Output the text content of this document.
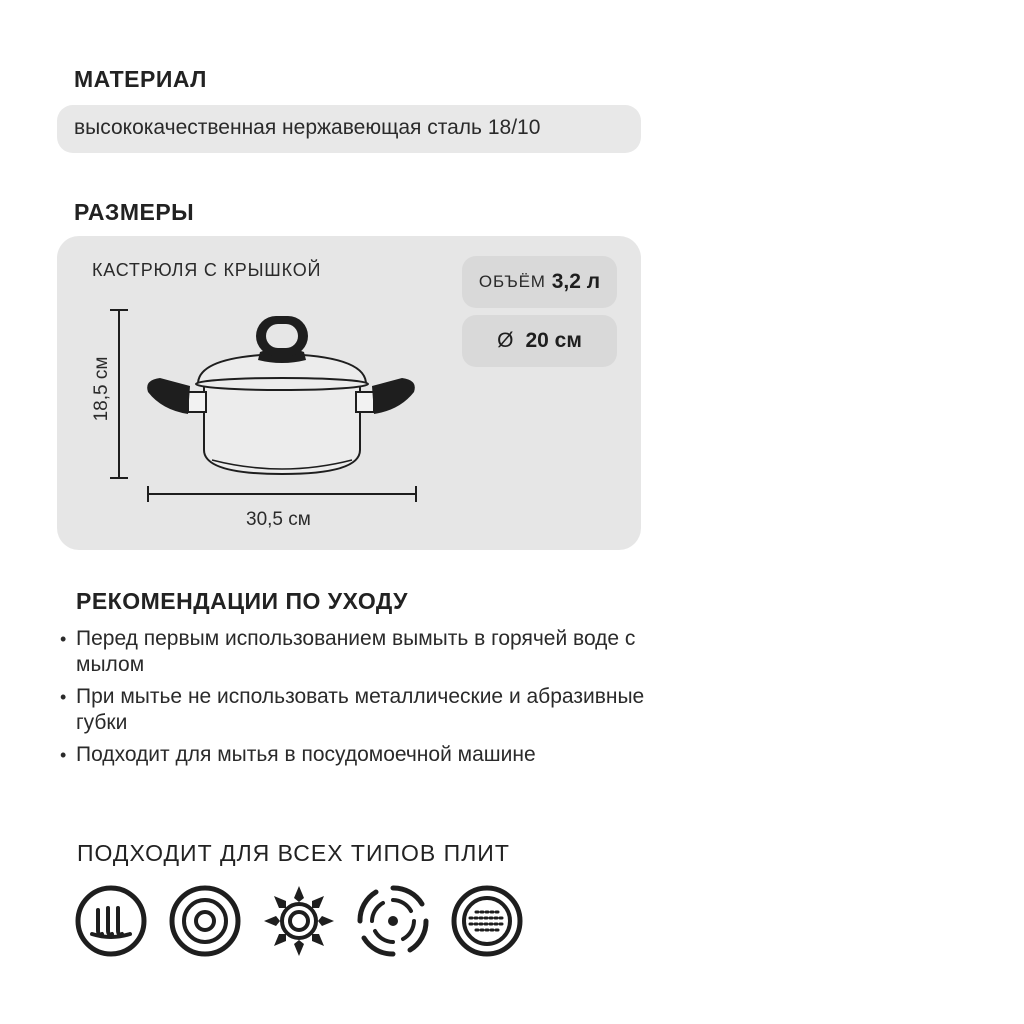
МАТЕРИАЛ
высококачественная нержавеющая сталь 18/10
РАЗМЕРЫ
КАСТРЮЛЯ С КРЫШКОЙ
ОБЪЁМ 3,2 л
Ø 20 см
18,5 см
30,5 см
РЕКОМЕНДАЦИИ ПО УХОДУ
• Перед первым использованием вымыть в горячей воде с мылом
• При мытье не использовать металлические и абразивные губки
• Подходит для мытья в посудомоечной машине
ПОДХОДИТ ДЛЯ ВСЕХ ТИПОВ ПЛИТ
